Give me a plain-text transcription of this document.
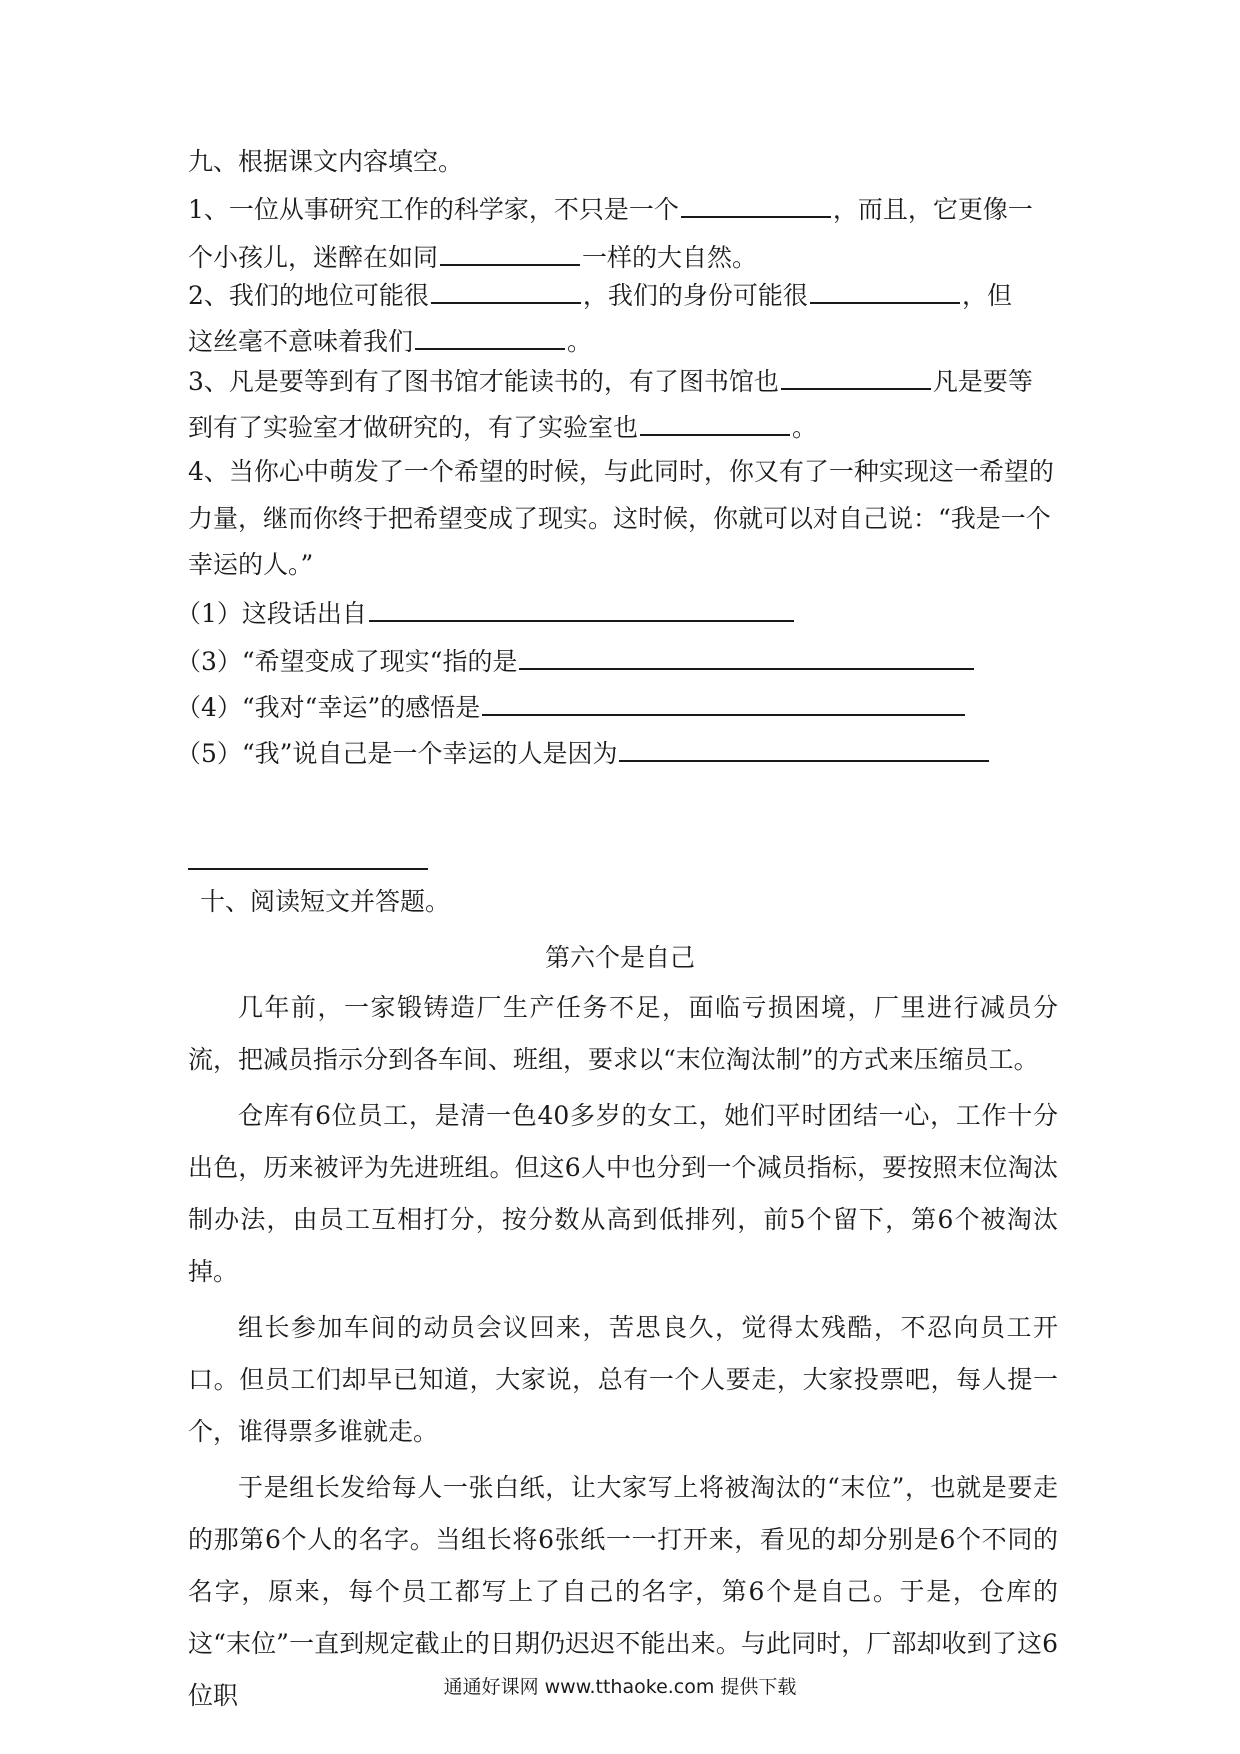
九、根据课文内容填空。
1、一位从事研究工作的科学家，不只是一个	，而且，它更像一
个小孩儿，迷醉在如同	一样的大自然。
2、我们的地位可能很	，我们的身份可能很	，但
这丝毫不意味着我们	。
3、凡是要等到有了图书馆才能读书的，有了图书馆也	凡是要等
到有了实验室才做研究的，有了实验室也	。
4、当你心中萌发了一个希望的时候，与此同时，你又有了一种实现这一希望的
力量，继而你终于把希望变成了现实。这时候，你就可以对自己说：“我是一个
幸运的人。”
（1）这段话出自
（3）“希望变成了现实“指的是
（4）“我对“幸运”的感悟是
（5）“我”说自己是一个幸运的人是因为
十、阅读短文并答题。
第六个是自己

几年前，一家锻铸造厂生产任务不足，面临亏损困境，厂里进行减员分流，把减员指示分到各车间、班组，要求以“末位淘汰制”的方式来压缩员工。

仓库有6位员工，是清一色40多岁的女工，她们平时团结一心，工作十分出色，历来被评为先进班组。但这6人中也分到一个减员指标，要按照末位淘汰制办法，由员工互相打分，按分数从高到低排列，前5个留下，第6个被淘汰掉。

组长参加车间的动员会议回来，苦思良久，觉得太残酷，不忍向员工开口。但员工们却早已知道，大家说，总有一个人要走，大家投票吧，每人提一个，谁得票多谁就走。

于是组长发给每人一张白纸，让大家写上将被淘汰的“末位”，也就是要走的那第6个人的名字。当组长将6张纸一一打开来，看见的却分别是6个不同的名字，原来，每个员工都写上了自己的名字，第6个是自己。于是，仓库的这“末位”一直到规定截止的日期仍迟迟不能出来。与此同时，厂部却收到了这6位职	通通好课网 www.tthaoke.com 提供下载
